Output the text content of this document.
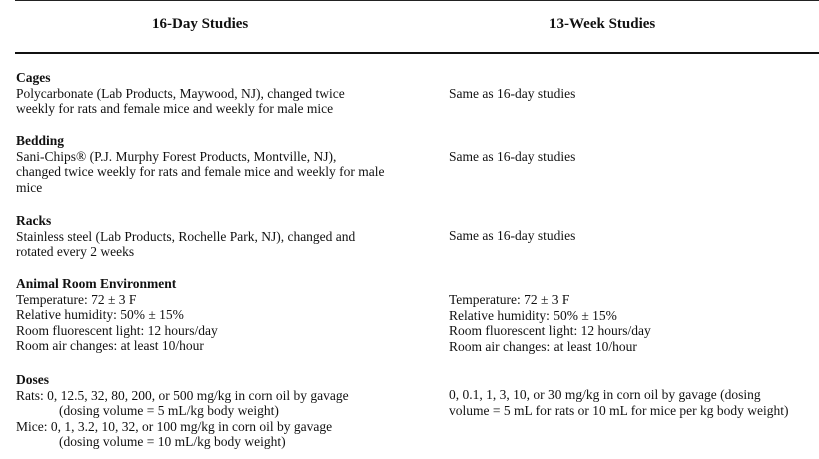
16-Day Studies	13-Week Studies
Cages
Polycarbonate (Lab Products, Maywood, NJ), changed twice
weekly for rats and female mice and weekly for male mice
Same as 16-day studies
Bedding
Sani-Chips® (P.J. Murphy Forest Products, Montville, NJ),
changed twice weekly for rats and female mice and weekly for male
mice
Same as 16-day studies
Racks
Stainless steel (Lab Products, Rochelle Park, NJ), changed and
rotated every 2 weeks
Same as 16-day studies
Animal Room Environment
Temperature: 72 ± 3 F
Relative humidity: 50% ± 15%
Room fluorescent light: 12 hours/day
Room air changes: at least 10/hour
Temperature: 72 ± 3 F
Relative humidity: 50% ± 15%
Room fluorescent light: 12 hours/day
Room air changes: at least 10/hour
Doses
Rats: 0, 12.5, 32, 80, 200, or 500 mg/kg in corn oil by gavage
(dosing volume = 5 mL/kg body weight)
Mice: 0, 1, 3.2, 10, 32, or 100 mg/kg in corn oil by gavage
(dosing volume = 10 mL/kg body weight)
0, 0.1, 1, 3, 10, or 30 mg/kg in corn oil by gavage (dosing
volume = 5 mL for rats or 10 mL for mice per kg body weight)
